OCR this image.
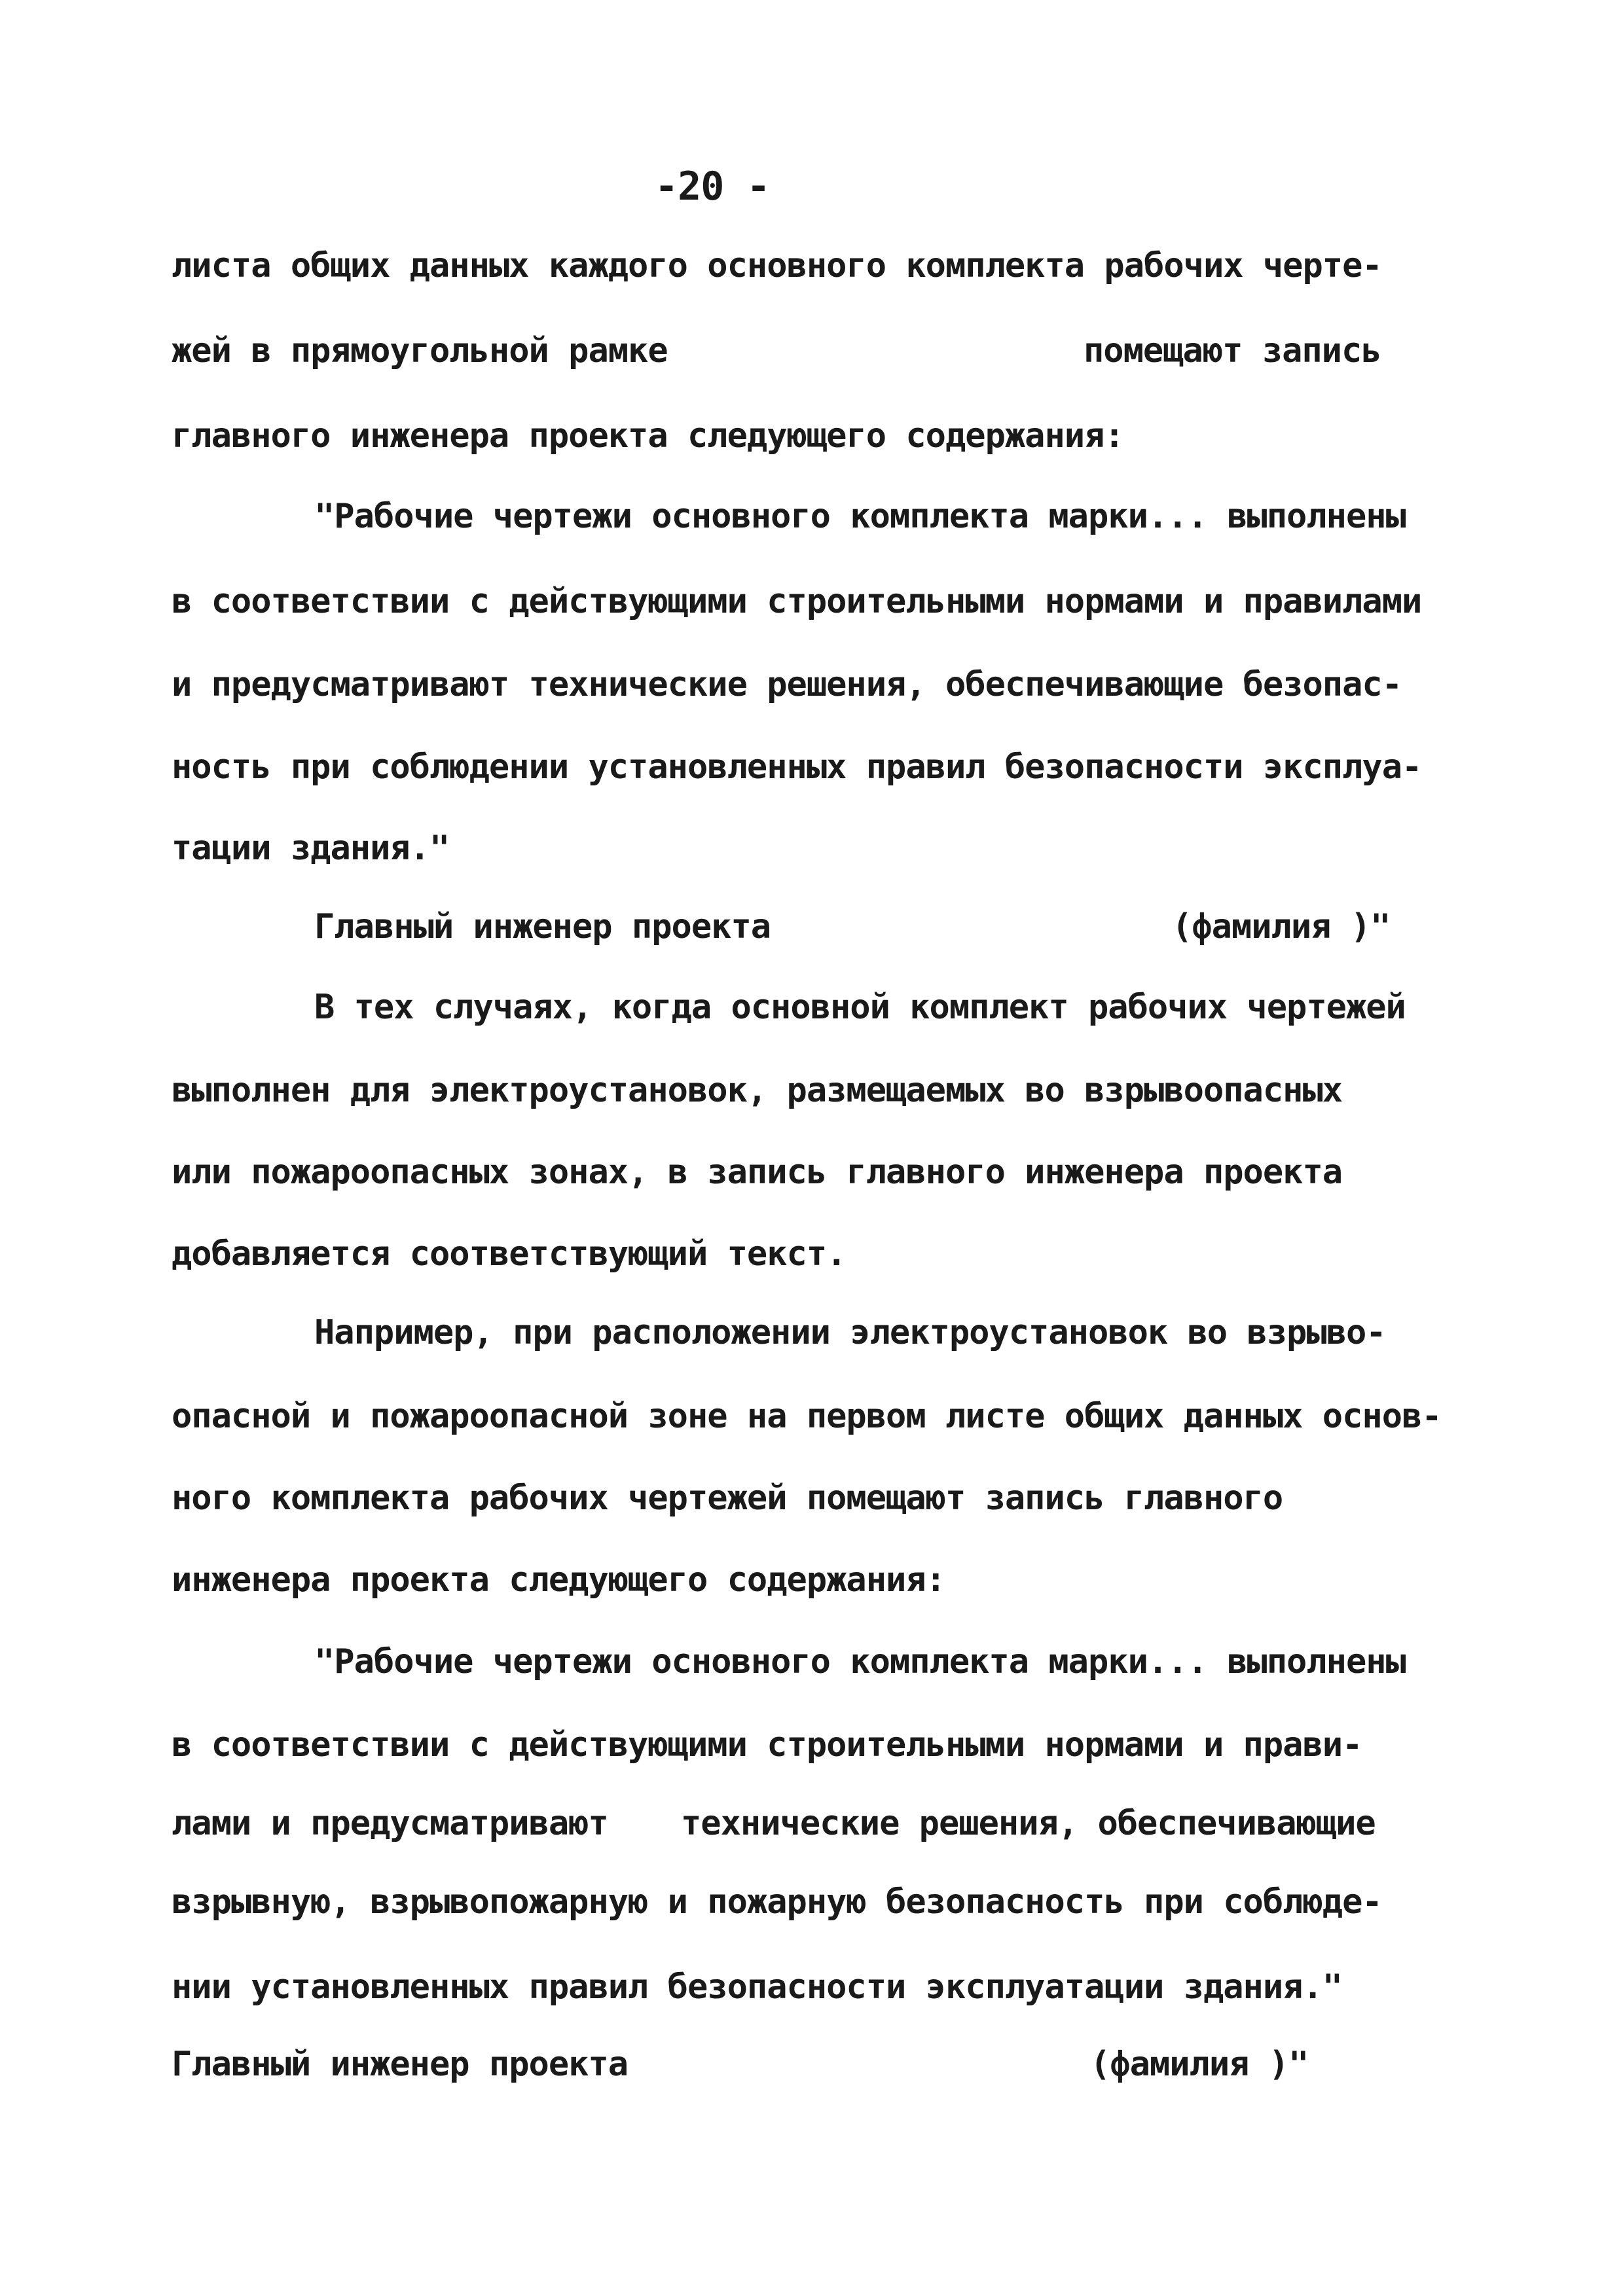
-20 -
листа общих данных каждого основного комплекта рабочих черте-
жей в прямоугольной рамке	помещают запись
главного инженера проекта следующего содержания:
"Рабочие чертежи основного комплекта марки... выполнены
в соответствии с действующими строительными нормами и правилами
и предусматривают технические решения, обеспечивающие безопас-
ность при соблюдении установленных правил безопасности эксплуа-
тации здания."
Главный инженер проекта	(фамилия )"
В тех случаях, когда основной комплект рабочих чертежей
выполнен для электроустановок, размещаемых во взрывоопасных
или пожароопасных зонах, в запись главного инженера проекта
добавляется соответствующий текст.
Например, при расположении электроустановок во взрыво-
опасной и пожароопасной зоне на первом листе общих данных основ-
ного комплекта рабочих чертежей помещают запись главного
инженера проекта следующего содержания:
"Рабочие чертежи основного комплекта марки... выполнены
в соответствии с действующими строительными нормами и прави-
лами и предусматривают технические решения, обеспечивающие
взрывную, взрывопожарную и пожарную безопасность при соблюде-
нии установленных правил безопасности эксплуатации здания."
Главный инженер проекта	(фамилия )"
